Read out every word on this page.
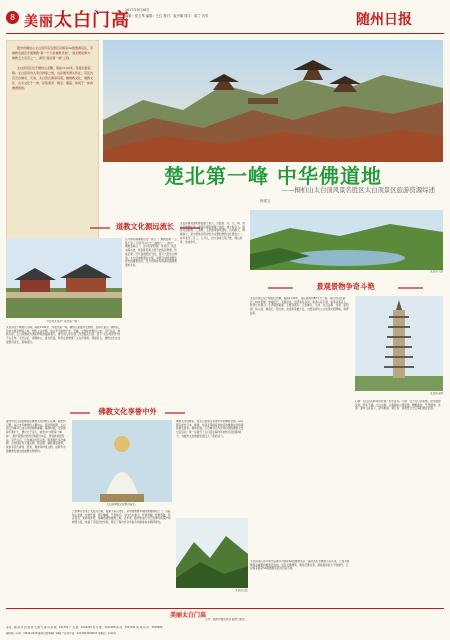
8 美丽太白门高
2017年9月28日
编辑：张玉琴 编辑：王红 校对：崔丹娜 排字：陈兰 冯芳	随州日报

随州市桐柏山太白顶风景名胜区是国家4A级旅游景区，是佛教名刹及中国佛教“第一个大乘佛教圣地”，南北朝时即为佛教五大名寺之一，素有“楚北第一峰”之称。

太白顶景区位于桐柏山北麓，海拔1140米，是楚北最高峰。太白顶是诗人李白钟爱之地，也是淮河源头所在，景区内有云台禅寺、天池、太白顶古寨等景观，融佛教文化、道教文化、山水文化于一体，是集观光、朝圣、避暑、休闲于一体的旅游胜地。

楚北第一峰 中华佛道地
——桐柏山太白顶风景名胜区太白顶景区旅游资源综述
韩建文
道教文化源远流长
今日的太白顶“ 楚北第一峰 ”。
太白顶位于桐柏山主峰，海拔1140米，为楚北第一峰。桐柏山是淮河发源地，古称大复山、桐柏山，历来为道家修炼之地。相传上古时期，盘古开天辟地于此，伏羲、女娲在此繁衍人类。汉代以后，道教兴起，太白顶便成为道家修炼的福地洞天。唐代诗人李白曾三次登临太白顶，留下“太白何苍苍”的千古名句。宋代以后，道观林立，香火旺盛。明代在此修建了太白顶道观，规模宏大。道教文化在这里源远流长，影响深远。
古今道家称桐柏山为“ 仙山 ”。道教经典《 云笈七签 》将其列为七十二福地之一，称为“ 桐柏金庭山 ”。山中有紫阳洞、老君台、炼丹池等古迹，传说紫阳真人曾于此炼丹修道，终成正果。历代高道隐居于此，留下大量诗文碑刻。太白顶道教遗存丰富，是研究中国道教发展史的重要场所，至今仍保存有明清时期道观遗址多处。
太白顶道观建筑群始建于东汉，历经唐、宋、元、明、清各代修葺扩建，鼎盛时期有道观十余座，道士数百人。现存有祖师殿、三清殿、玉皇阁等建筑遗址，古柏参天，碑碣林立，是中原地区保存较为完整的道教文化遗存之一。每年农历三月三、九月九，四方香客云集于此，朝山进香，热闹非凡。
太白顶天池
景观景物争奇斗艳
太白顶景区位于桐柏山北麓，海拔1140米，景区面积约80平方公里。景区内山峦起伏，林木葱郁，奇峰怪石，飞瀑流泉，四季景色各异。春季山花烂漫，夏季凉爽宜人，秋季红叶满山，冬季银装素裹。主要景观有：云台禅寺、天池、太白古寨、龙潭、紫阳洞、仙人洞、棋盘石、锁龙池、舍身崖等数十处，自然景观与人文景观交相辉映，相得益彰。
太白顶宝塔
石林：太白顶石林奇特壮观，形态各异。天池：位于太白顶东侧，池水清澈见底，终年不涸。太白古寨：古寨墙依山势而建，蜿蜒曲折，气势雄伟。龙潭：瀑布飞流直下，潭水碧绿。观日台：是观赏日出云海的最佳位置。
佛教文化享誉中外
随州市太白顶是桐柏山佛教文化的核心区域。据史料记载，东汉末年佛教传入桐柏山，南北朝时期，太白顶云台禅寺已成为中原佛教重镇。隋唐时期，寺院规模不断扩大，僧众达千余人，被誉为“中原第一禅林”。唐代高僧玄奘西行取经归来后，曾到此讲经说法。宋代以后，云台禅寺历经兴废，明清两代多次重修。寺内现存有大雄宝殿、观音殿、藏经楼等建筑，保存有历代碑刻、经卷、佛像等珍贵文物，是研究中国佛教发展史的重要实物资料。
太白顶佛教文化源远流长。
云台禅寺坐落于太白顶之巅，始建于东汉末年，是中国佛教早期的重要道场之一。寺院依山而建，布局严谨，殿宇巍峨，气势恢宏。寺内古木参天，环境清幽，晨钟暮鼓，梵音袅袅，是修身养性、参禅悟道的理想之地。近年来，随州市加大对云台禅寺的保护和修缮力度，恢复了寺院历史风貌，吸引了海内外众多信众和游客前来朝拜观光。
佛教文化的繁荣，使太白顶成为享誉中外的佛教圣地。每年都有来自日本、韩国、东南亚等国家和地区的佛教信众和游客慕名而来，朝拜祈福。云台禅寺还多次举办国际佛教文化交流活动，进一步提升了太白顶在海内外的知名度和影响力，为随州文化旅游发展注入了新的活力。
太白顶山峦
太白顶景区近年来先后被评为国家4A级旅游景区、湖北省生态旅游示范区等，已成为鄂豫两省重要的旅游目的地。景区交通便利，服务设施完善，游客接待能力不断提升，正在朝着国家5A级旅游景区的目标迈进。
美丽太白门高
主办：随州市委宣传部 随州日报社
地 址：随 州 市 西 城 区 交 通 大 道 号 邮 编：441300 广 告 部：3222267 发 行 部：3222268 电 话：3323291 新 闻 热 线：3325689
国内统一刊号：CN42-0018 随州日报印刷厂印刷 广告许可证：4213004000001 零售价：1.00元
